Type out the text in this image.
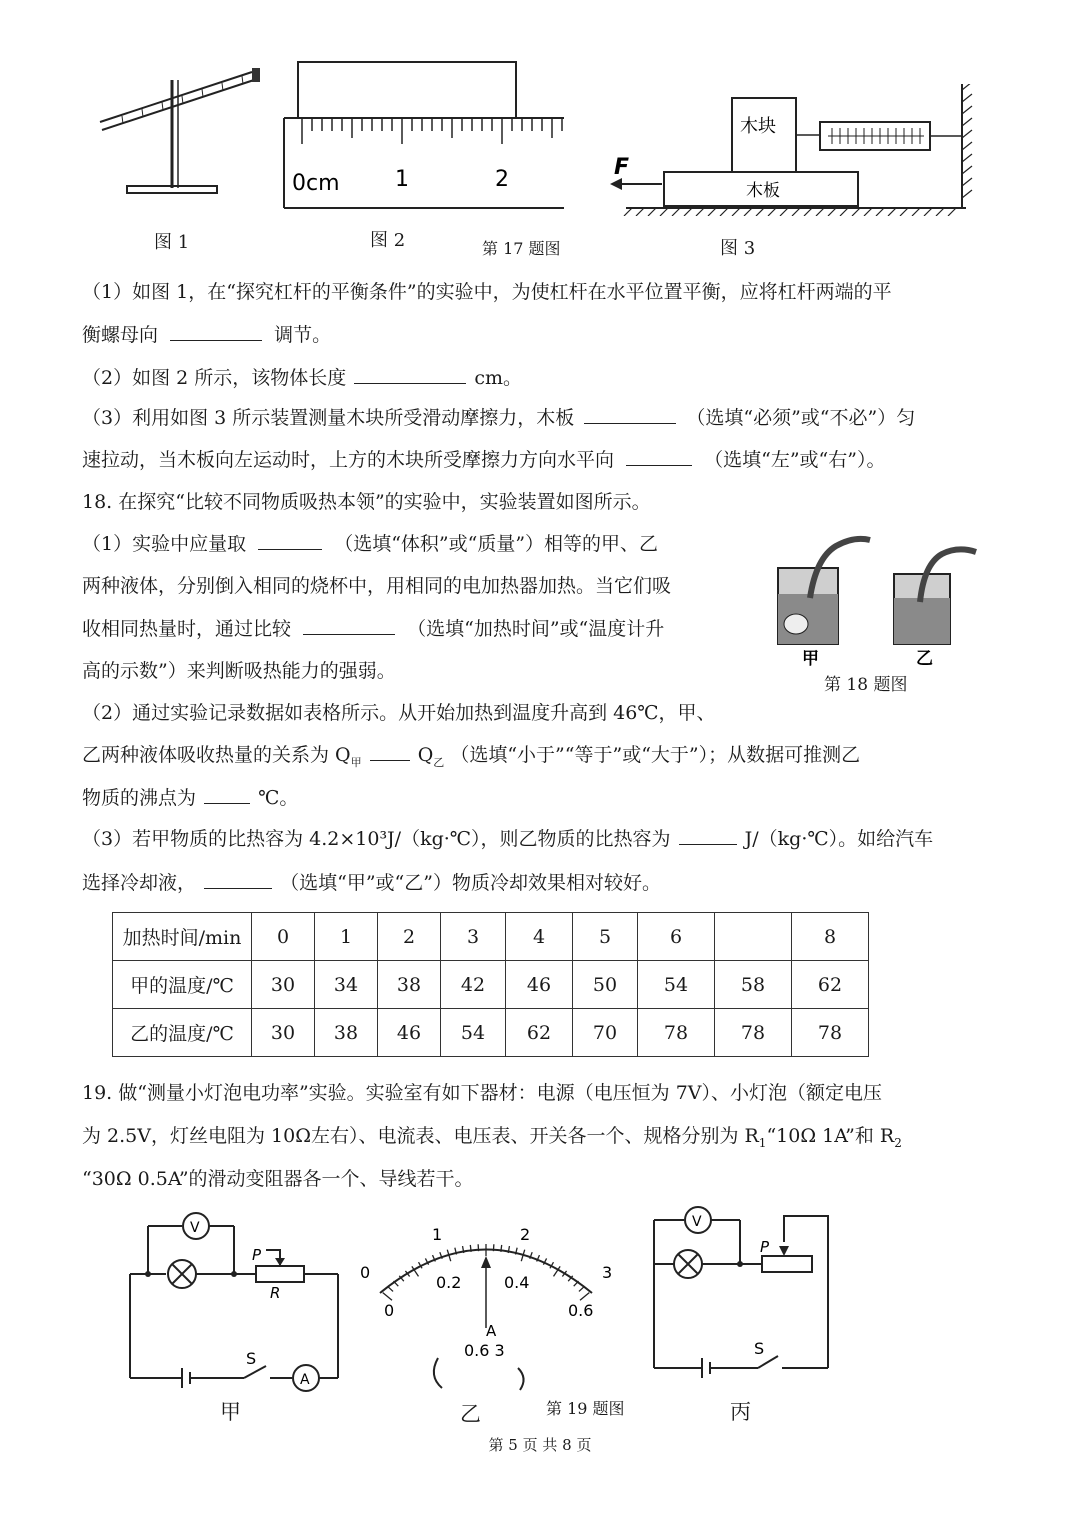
0cm	1	2
木块
木板
F
图 1	图 2	第 17 题图	图 3
（1）如图 1，在“探究杠杆的平衡条件”的实验中，为使杠杆在水平位置平衡，应将杠杆两端的平
衡螺母向	调节。
（2）如图 2 所示，该物体长度	cm。
（3）利用如图 3 所示装置测量木块所受滑动摩擦力，木板	（选填“必须”或“不必”）匀
速拉动，当木板向左运动时，上方的木块所受摩擦力方向水平向	（选填“左”或“右”）。
18. 在探究“比较不同物质吸热本领”的实验中，实验装置如图所示。
（1）实验中应量取	（选填“体积”或“质量”）相等的甲、乙
两种液体，分别倒入相同的烧杯中，用相同的电加热器加热。当它们吸
收相同热量时，通过比较	（选填“加热时间”或“温度计升
高的示数”）来判断吸热能力的强弱。
甲	乙
第 18 题图
（2）通过实验记录数据如表格所示。从开始加热到温度升高到 46℃，甲、
乙两种液体吸收热量的关系为 $Q_甲$	$Q_乙$ （选填“小于”“等于”或“大于”）；从数据可推测乙
物质的沸点为	℃。
（3）若甲物质的比热容为 4.2×10³J/（kg·℃），则乙物质的比热容为	J/（kg·℃）。如给汽车
选择冷却液，	（选填“甲”或“乙”）物质冷却效果相对较好。
加热时间/min	0	1	2	3	4	5	6		8
甲的温度/℃	30	34	38	42	46	50	54	58	62
乙的温度/℃	30	38	46	54	62	70	78	78	78
19. 做“测量小灯泡电功率”实验。实验室有如下器材：电源（电压恒为 7V）、小灯泡（额定电压
为 2.5V，灯丝电阻为 10Ω左右）、电流表、电压表、开关各一个、规格分别为 $R_1“10\Omega$ 1A”和 $R_2$
“30Ω 0.5A”的滑动变阻器各一个、导线若干。
V
A
P
R
S
0
1	2
3
0
0.2	0.4
0.6
A
0.6 3
V
P
S
甲	乙	第 19 题图	丙
第 5 页 共 8 页
